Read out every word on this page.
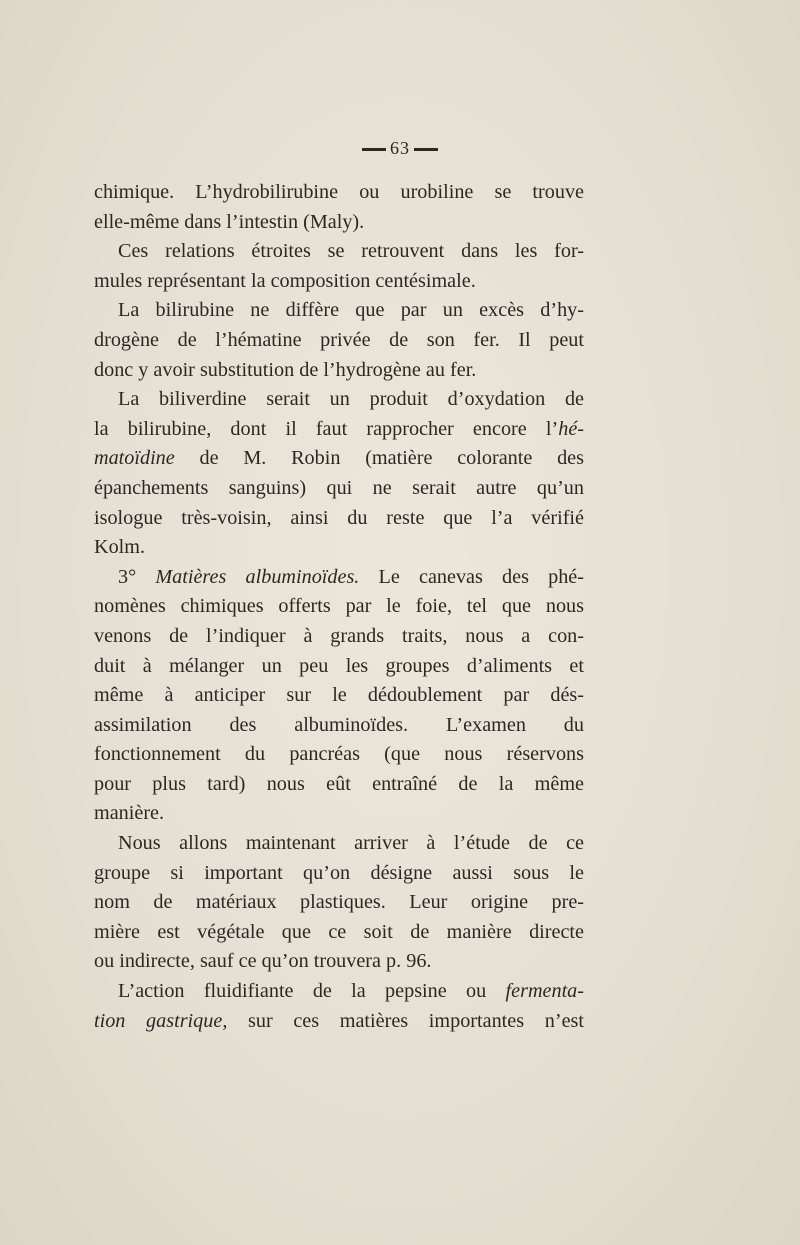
63
chimique. L’hydrobilirubine ou urobiline se trouve
elle-même dans l’intestin (Maly).
Ces relations étroites se retrouvent dans les for-
mules représentant la composition centésimale.
La bilirubine ne diffère que par un excès d’hy-
drogène de l’hématine privée de son fer. Il peut
donc y avoir substitution de l’hydrogène au fer.
La biliverdine serait un produit d’oxydation de
la bilirubine, dont il faut rapprocher encore l’hé-
matoïdine de M. Robin (matière colorante des
épanchements sanguins) qui ne serait autre qu’un
isologue très-voisin, ainsi du reste que l’a vérifié
Kolm.
3° Matières albuminoïdes. Le canevas des phé-
nomènes chimiques offerts par le foie, tel que nous
venons de l’indiquer à grands traits, nous a con-
duit à mélanger un peu les groupes d’aliments et
même à anticiper sur le dédoublement par dés-
assimilation des albuminoïdes. L’examen du
fonctionnement du pancréas (que nous réservons
pour plus tard) nous eût entraîné de la même
manière.
Nous allons maintenant arriver à l’étude de ce
groupe si important qu’on désigne aussi sous le
nom de matériaux plastiques. Leur origine pre-
mière est végétale que ce soit de manière directe
ou indirecte, sauf ce qu’on trouvera p. 96.
L’action fluidifiante de la pepsine ou fermenta-
tion gastrique, sur ces matières importantes n’est
